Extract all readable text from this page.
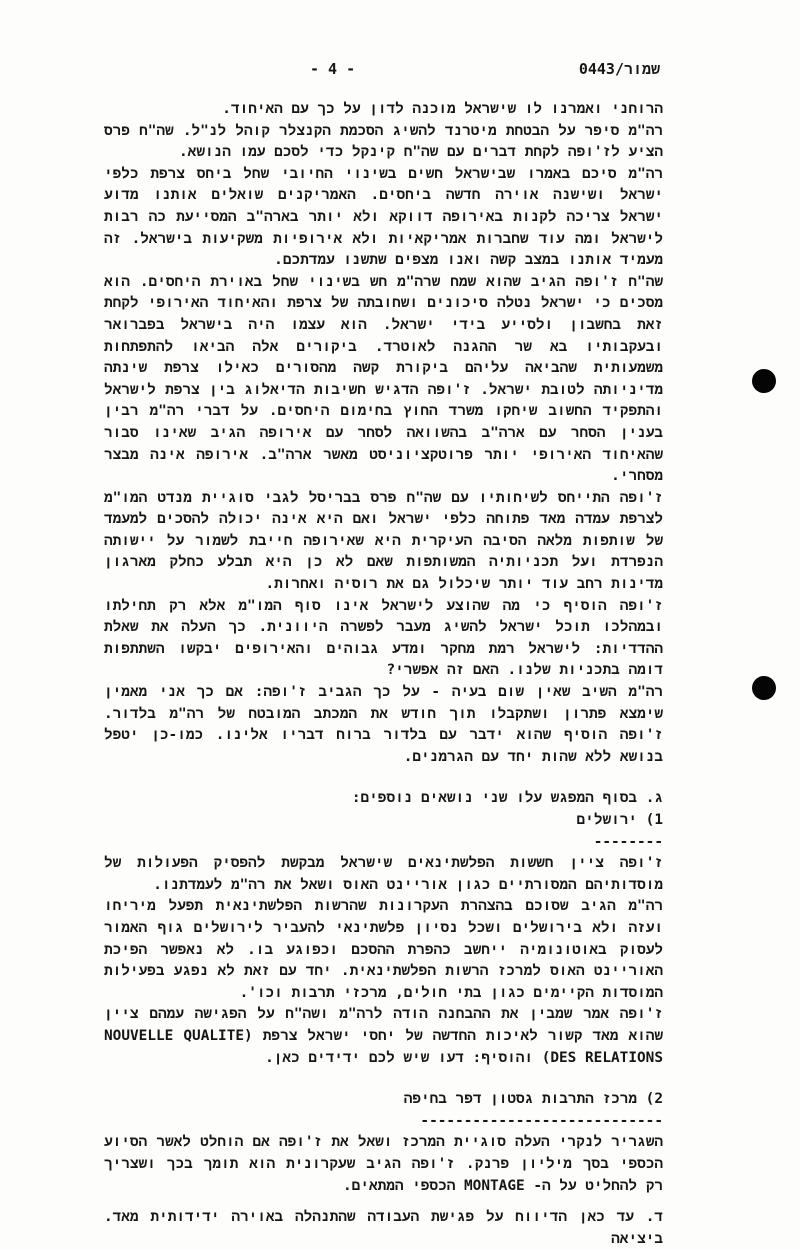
- 4 -	שמור/0443

הרוחני ואמרנו לו שישראל מוכנה לדון על כך עם האיחוד.

רה"מ סיפר על הבטחת מיטרנד להשיג הסכמת הקנצלר קוהל לנ"ל. שה"ח פרס הציע לז'ופה לקחת דברים עם שה"ח קינקל כדי לסכם עמו הנושא.

רה"מ סיכם באמרו שבישראל חשים בשינוי החיובי שחל ביחס צרפת כלפי ישראל ושישנה אוירה חדשה ביחסים. האמריקנים שואלים אותנו מדוע ישראל צריכה לקנות באירופה דווקא ולא יותר בארה"ב המסייעת כה רבות לישראל ומה עוד שחברות אמריקאיות ולא אירופיות משקיעות בישראל. זה מעמיד אותנו במצב קשה ואנו מצפים שתשנו עמדתכם.

שה"ח ז'ופה הגיב שהוא שמח שרה"מ חש בשינוי שחל באוירת היחסים. הוא מסכים כי ישראל נטלה סיכונים ושחובתה של צרפת והאיחוד האירופי לקחת זאת בחשבון ולסייע בידי ישראל. הוא עצמו היה בישראל בפברואר ובעקבותיו בא שר ההגנה לאוטרד. ביקורים אלה הביאו להתפתחות משמעותית שהביאה עליהם ביקורת קשה מהסורים כאילו צרפת שינתה מדיניותה לטובת ישראל. ז'ופה הדגיש חשיבות הדיאלוג בין צרפת לישראל והתפקיד החשוב שיחקו משרד החוץ בחימום היחסים. על דברי רה"מ רבין בענין הסחר עם ארה"ב בהשוואה לסחר עם אירופה הגיב שאינו סבור שהאיחוד האירופי יותר פרוטקציוניסט מאשר ארה"ב. אירופה אינה מבצר מסחרי.

ז'ופה התייחס לשיחותיו עם שה"ח פרס בבריסל לגבי סוגיית מנדט המו"מ לצרפת עמדה מאד פתוחה כלפי ישראל ואם היא אינה יכולה להסכים למעמד של שותפות מלאה הסיבה העיקרית היא שאירופה חייבת לשמור על יישותה הנפרדת ועל תכניותיה המשותפות שאם לא כן היא תבלע כחלק מארגון מדינות רחב עוד יותר שיכלול גם את רוסיה ואחרות.

ז'ופה הוסיף כי מה שהוצע לישראל אינו סוף המו"מ אלא רק תחילתו ובמהלכו תוכל ישראל להשיג מעבר לפשרה היוונית. כך העלה את שאלת ההדדיות: לישראל רמת מחקר ומדע גבוהים והאירופים יבקשו השתתפות דומה בתכניות שלנו. האם זה אפשרי?

רה"מ השיב שאין שום בעיה - על כך הגביב ז'ופה: אם כך אני מאמין שימצא פתרון ושתקבלו תוך חודש את המכתב המובטח של רה"מ בלדור. ז'ופה הוסיף שהוא ידבר עם בלדור ברוח דבריו אלינו. כמו-כן יטפל בנושא ללא שהות יחד עם הגרמנים.

ג. בסוף המפגש עלו שני נושאים נוספים:

1) ירושלים

--------

ז'ופה ציין חששות הפלשתינאים שישראל מבקשת להפסיק הפעולות של מוסדותיהם המסורתיים כגון אוריינט האוס ושאל את רה"מ לעמדתנו.

רה"מ הגיב שסוכם בהצהרת העקרונות שהרשות הפלשתינאית תפעל מיריחו ועזה ולא בירושלים ושכל נסיון פלשתינאי להעביר לירושלים גוף האמור לעסוק באוטונומיה ייחשב כהפרת ההסכם וכפוגע בו. לא נאפשר הפיכת האוריינט האוס למרכז הרשות הפלשתינאית. יחד עם זאת לא נפגע בפעילות המוסדות הקיימים כגון בתי חולים, מרכזי תרבות וכו'.

ז'ופה אמר שמבין את ההבחנה הודה לרה"מ ושה"ח על הפגישה עמהם ציין שהוא מאד קשור לאיכות החדשה של יחסי ישראל צרפת (NOUVELLE QUALITE DES RELATIONS) והוסיף: דעו שיש לכם ידידים כאן.

2) מרכז התרבות גסטון דפר בחיפה

----------------------------

השגריר לנקרי העלה סוגיית המרכז ושאל את ז'ופה אם הוחלט לאשר הסיוע הכספי בסך מיליון פרנק. ז'ופה הגיב שעקרונית הוא תומך בכך ושצריך רק להחליט על ה- MONTAGE הכספי המתאים.

ד. עד כאן הדיווח על פגישת העבודה שהתנהלה באוירה ידידותית מאד. ביציאה
